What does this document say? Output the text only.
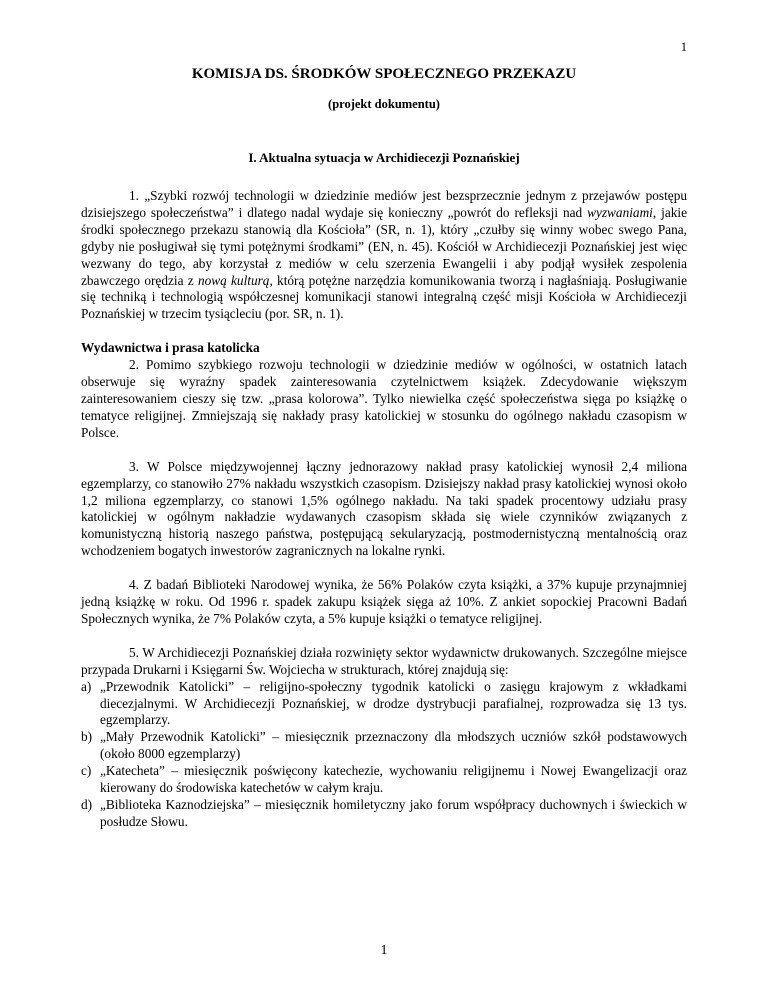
1
KOMISJA DS. ŚRODKÓW SPOŁECZNEGO PRZEKAZU
(projekt dokumentu)
I. Aktualna sytuacja w Archidiecezji Poznańskiej

1. „Szybki rozwój technologii w dziedzinie mediów jest bezsprzecznie jednym z przejawów postępu dzisiejszego społeczeństwa” i dlatego nadal wydaje się konieczny „powrót do refleksji nad wyzwaniami, jakie środki społecznego przekazu stanowią dla Kościoła” (SR, n. 1), który „czułby się winny wobec swego Pana, gdyby nie posługiwał się tymi potężnymi środkami” (EN, n. 45). Kościół w Archidiecezji Poznańskiej jest więc wezwany do tego, aby korzystał z mediów w celu szerzenia Ewangelii i aby podjął wysiłek zespolenia zbawczego orędzia z nową kulturą, którą potężne narzędzia komunikowania tworzą i nagłaśniają. Posługiwanie się techniką i technologią współczesnej komunikacji stanowi integralną część misji Kościoła w Archidiecezji Poznańskiej w trzecim tysiącleciu (por. SR, n. 1).

Wydawnictwa i prasa katolicka

2. Pomimo szybkiego rozwoju technologii w dziedzinie mediów w ogólności, w ostatnich latach obserwuje się wyraźny spadek zainteresowania czytelnictwem książek. Zdecydowanie większym zainteresowaniem cieszy się tzw. „prasa kolorowa”. Tylko niewielka część społeczeństwa sięga po książkę o tematyce religijnej. Zmniejszają się nakłady prasy katolickiej w stosunku do ogólnego nakładu czasopism w Polsce.

3. W Polsce międzywojennej łączny jednorazowy nakład prasy katolickiej wynosił 2,4 miliona egzemplarzy, co stanowiło 27% nakładu wszystkich czasopism. Dzisiejszy nakład prasy katolickiej wynosi około 1,2 miliona egzemplarzy, co stanowi 1,5% ogólnego nakładu. Na taki spadek procentowy udziału prasy katolickiej w ogólnym nakładzie wydawanych czasopism składa się wiele czynników związanych z komunistyczną historią naszego państwa, postępującą sekularyzacją, postmodernistyczną mentalnością oraz wchodzeniem bogatych inwestorów zagranicznych na lokalne rynki.

4. Z badań Biblioteki Narodowej wynika, że 56% Polaków czyta książki, a 37% kupuje przynajmniej jedną książkę w roku. Od 1996 r. spadek zakupu książek sięga aż 10%. Z ankiet sopockiej Pracowni Badań Społecznych wynika, że 7% Polaków czyta, a 5% kupuje książki o tematyce religijnej.

5. W Archidiecezji Poznańskiej działa rozwinięty sektor wydawnictw drukowanych. Szczególne miejsce przypada Drukarni i Księgarni Św. Wojciecha w strukturach, której znajdują się:

a) „Przewodnik Katolicki” – religijno-społeczny tygodnik katolicki o zasięgu krajowym z wkładkami diecezjalnymi. W Archidiecezji Poznańskiej, w drodze dystrybucji parafialnej, rozprowadza się 13 tys. egzemplarzy.
b) „Mały Przewodnik Katolicki” – miesięcznik przeznaczony dla młodszych uczniów szkół podstawowych (około 8000 egzemplarzy)
c) „Katecheta” – miesięcznik poświęcony katechezie, wychowaniu religijnemu i Nowej Ewangelizacji oraz kierowany do środowiska katechetów w całym kraju.
d) „Biblioteka Kaznodziejska” – miesięcznik homiletyczny jako forum współpracy duchownych i świeckich w posłudze Słowu.
1
